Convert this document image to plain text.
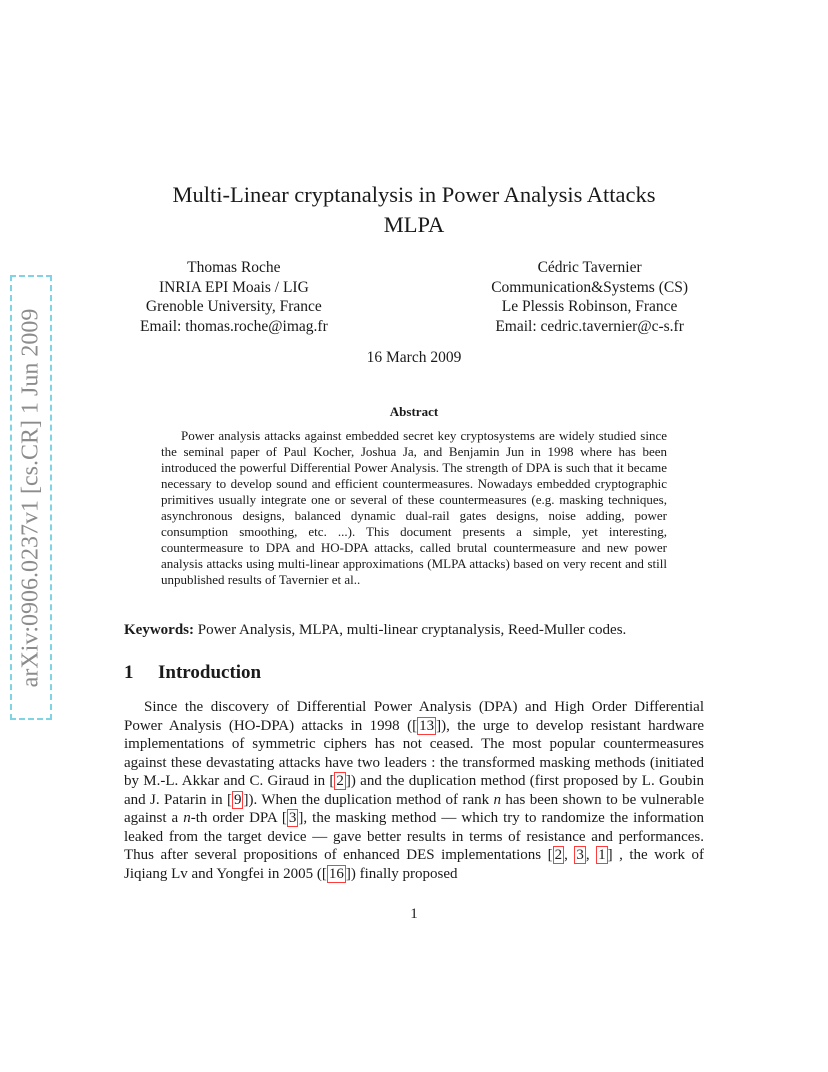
arXiv:0906.0237v1 [cs.CR] 1 Jun 2009
Multi-Linear cryptanalysis in Power Analysis Attacks
MLPA
Thomas Roche
INRIA EPI Moais / LIG
Grenoble University, France
Email: thomas.roche@imag.fr
Cédric Tavernier
Communication&Systems (CS)
Le Plessis Robinson, France
Email: cedric.tavernier@c-s.fr
16 March 2009
Abstract

Power analysis attacks against embedded secret key cryptosystems are widely studied since the seminal paper of Paul Kocher, Joshua Ja, and Benjamin Jun in 1998 where has been introduced the powerful Differential Power Analysis. The strength of DPA is such that it became necessary to develop sound and efficient countermeasures. Nowadays embedded cryptographic primitives usually integrate one or several of these countermeasures (e.g. masking techniques, asynchronous designs, balanced dynamic dual-rail gates designs, noise adding, power consumption smoothing, etc. ...). This document presents a simple, yet interesting, countermeasure to DPA and HO-DPA attacks, called brutal countermeasure and new power analysis attacks using multi-linear approximations (MLPA attacks) based on very recent and still unpublished results of Tavernier et al..

Keywords: Power Analysis, MLPA, multi-linear cryptanalysis, Reed-Muller codes.
1 Introduction

Since the discovery of Differential Power Analysis (DPA) and High Order Differential Power Analysis (HO-DPA) attacks in 1998 ([ 13 ]), the urge to develop resistant hardware implementations of symmetric ciphers has not ceased. The most popular countermeasures against these devastating attacks have two leaders : the transformed masking methods (initiated by M.-L. Akkar and C. Giraud in [ 2 ]) and the duplication method (first proposed by L. Goubin and J. Patarin in [ 9 ]). When the duplication method of rank n has been shown to be vulnerable against a n-th order DPA [ 3 ], the masking method — which try to randomize the information leaked from the target device — gave better results in terms of resistance and performances. Thus after several propositions of enhanced DES implementations [ 2 , 3 , 1 ] , the work of Jiqiang Lv and Yongfei in 2005 ([ 16 ]) finally proposed

1
